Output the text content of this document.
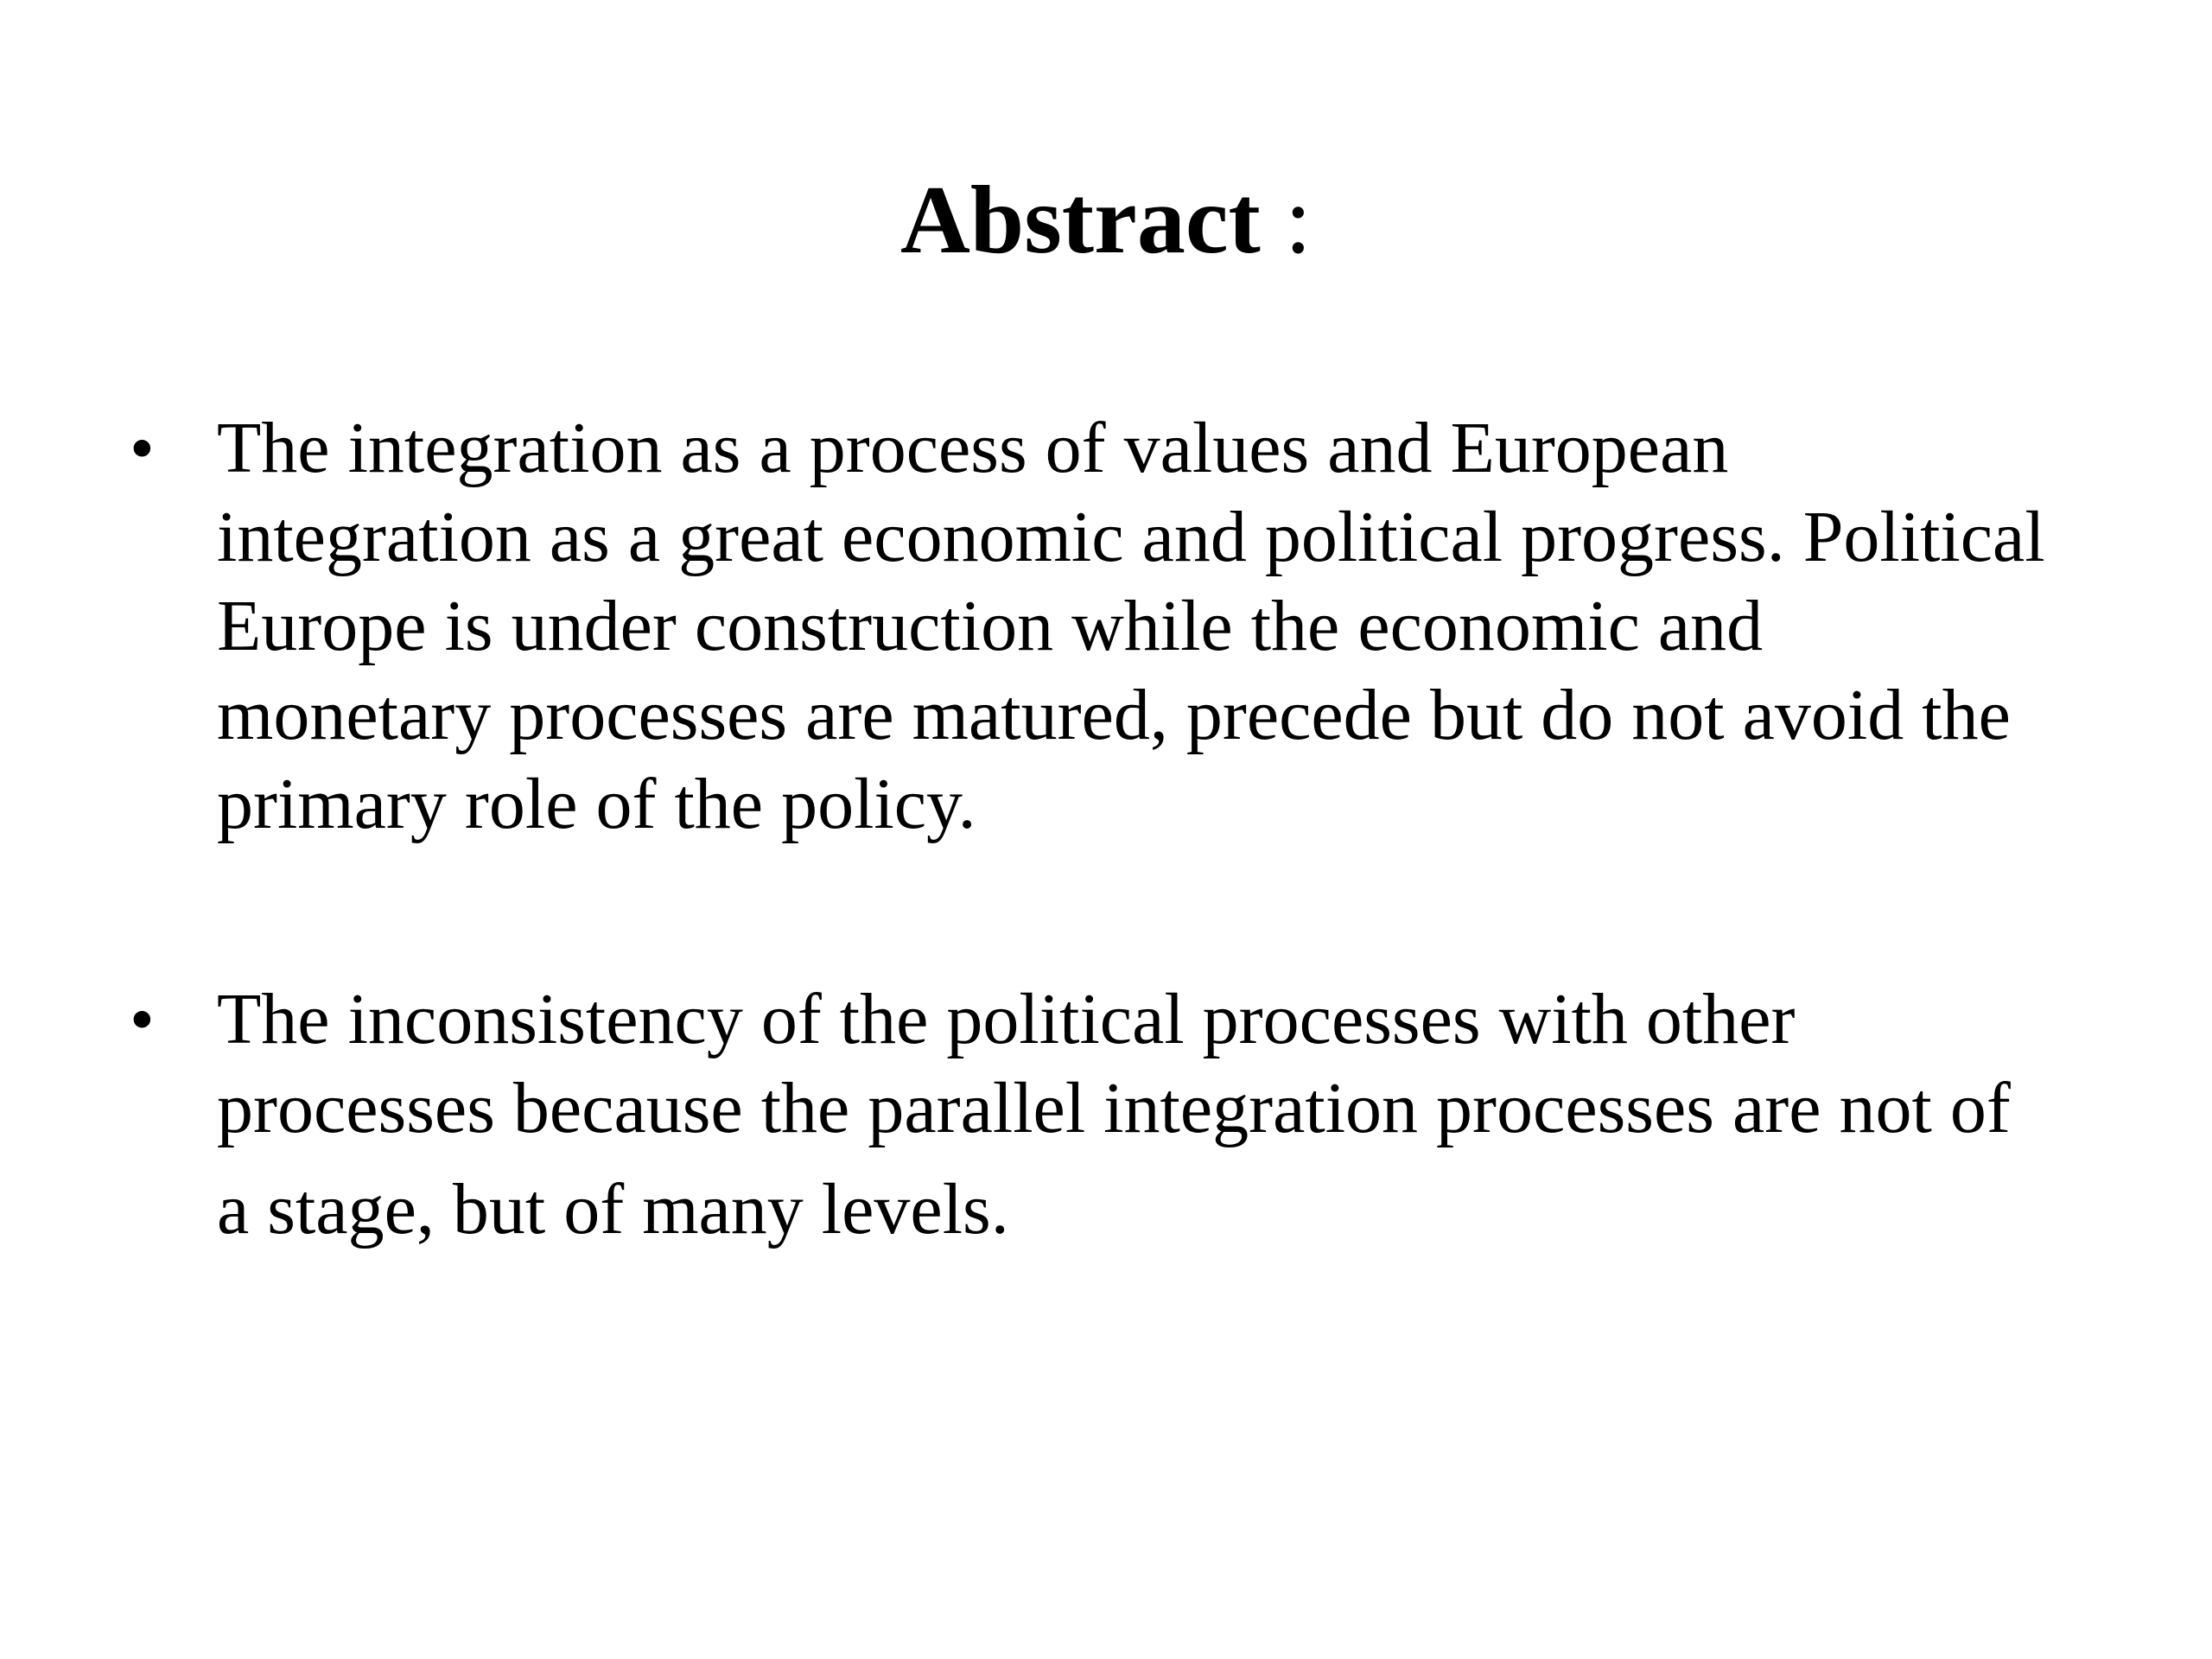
Abstract :
• The integration as a process of values and European
integration as a great economic and political progress. Political
Europe is under construction while the economic and
monetary processes are matured, precede but do not avoid the
primary role of the policy.
• The inconsistency of the political processes with other
processes because the parallel integration processes are not of
a stage, but of many levels.
